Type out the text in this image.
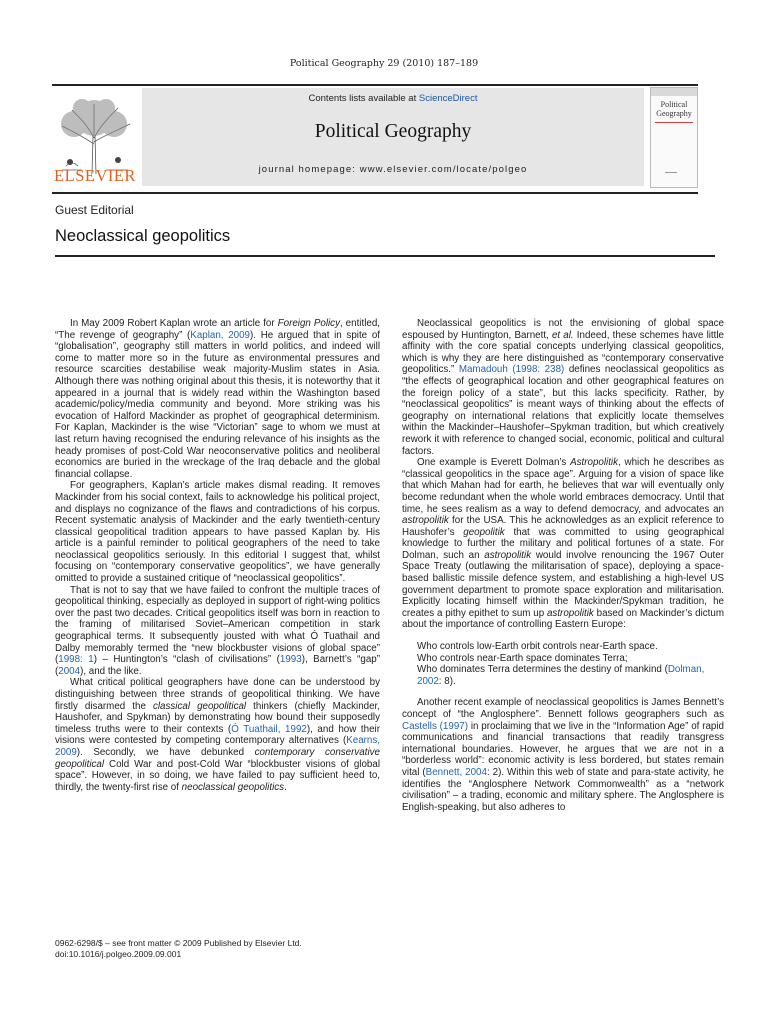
Political Geography 29 (2010) 187–189
ELSEVIER
Contents lists available at ScienceDirect
Political Geography
journal homepage: www.elsevier.com/locate/polgeo
Political
Geography
Guest Editorial
Neoclassical geopolitics

In May 2009 Robert Kaplan wrote an article for Foreign Policy, entitled, “The revenge of geography” (Kaplan, 2009). He argued that in spite of “globalisation”, geography still matters in world politics, and indeed will come to matter more so in the future as environmental pressures and resource scarcities destabilise weak majority-Muslim states in Asia. Although there was nothing original about this thesis, it is noteworthy that it appeared in a journal that is widely read within the Washington based academic/policy/media community and beyond. More striking was his evocation of Halford Mackinder as prophet of geographical determinism. For Kaplan, Mackinder is the wise “Victorian” sage to whom we must at last return having recognised the enduring relevance of his insights as the heady promises of post-Cold War neoconservative politics and neoliberal economics are buried in the wreckage of the Iraq debacle and the global financial collapse.

For geographers, Kaplan’s article makes dismal reading. It removes Mackinder from his social context, fails to acknowledge his political project, and displays no cognizance of the flaws and contradictions of his corpus. Recent systematic analysis of Mackinder and the early twentieth-century classical geopolitical tradition appears to have passed Kaplan by. His article is a painful reminder to political geographers of the need to take neoclassical geopolitics seriously. In this editorial I suggest that, whilst focusing on “contemporary conservative geopolitics”, we have generally omitted to provide a sustained critique of “neoclassical geopolitics”.

That is not to say that we have failed to confront the multiple traces of geopolitical thinking, especially as deployed in support of right-wing politics over the past two decades. Critical geopolitics itself was born in reaction to the framing of militarised Soviet–American competition in stark geographical terms. It subsequently jousted with what Ó Tuathail and Dalby memorably termed the “new blockbuster visions of global space” (1998: 1) – Huntington’s “clash of civilisations” (1993), Barnett’s “gap” (2004), and the like.

What critical political geographers have done can be understood by distinguishing between three strands of geopolitical thinking. We have firstly disarmed the classical geopolitical thinkers (chiefly Mackinder, Haushofer, and Spykman) by demonstrating how bound their supposedly timeless truths were to their contexts (Ó Tuathail, 1992), and how their visions were contested by competing contemporary alternatives (Kearns, 2009). Secondly, we have debunked contemporary conservative geopolitical Cold War and post-Cold War “blockbuster visions of global space”. However, in so doing, we have failed to pay sufficient heed to, thirdly, the twenty-first rise of neoclassical geopolitics.

Neoclassical geopolitics is not the envisioning of global space espoused by Huntington, Barnett, et al. Indeed, these schemes have little affinity with the core spatial concepts underlying classical geopolitics, which is why they are here distinguished as “contemporary conservative geopolitics.” Mamadouh (1998: 238) defines neoclassical geopolitics as “the effects of geographical location and other geographical features on the foreign policy of a state”, but this lacks specificity. Rather, by “neoclassical geopolitics” is meant ways of thinking about the effects of geography on international relations that explicitly locate themselves within the Mackinder–Haushofer–Spykman tradition, but which creatively rework it with reference to changed social, economic, political and cultural factors.

One example is Everett Dolman’s Astropolitik, which he describes as “classical geopolitics in the space age”. Arguing for a vision of space like that which Mahan had for earth, he believes that war will eventually only become redundant when the whole world embraces democracy. Until that time, he sees realism as a way to defend democracy, and advocates an astropolitik for the USA. This he acknowledges as an explicit reference to Haushofer’s geopolitik that was committed to using geographical knowledge to further the military and political fortunes of a state. For Dolman, such an astropolitik would involve renouncing the 1967 Outer Space Treaty (outlawing the militarisation of space), deploying a space-based ballistic missile defence system, and establishing a high-level US government department to promote space exploration and militarisation. Explicitly locating himself within the Mackinder/Spykman tradition, he creates a pithy epithet to sum up astropolitik based on Mackinder’s dictum about the importance of controlling Eastern Europe:

Who controls low-Earth orbit controls near-Earth space.
Who controls near-Earth space dominates Terra;
Who dominates Terra determines the destiny of mankind (Dolman, 2002: 8).

Another recent example of neoclassical geopolitics is James Bennett’s concept of “the Anglosphere”. Bennett follows geographers such as Castells (1997) in proclaiming that we live in the “Information Age” of rapid communications and financial transactions that readily transgress international boundaries. However, he argues that we are not in a “borderless world”: economic activity is less bordered, but states remain vital (Bennett, 2004: 2). Within this web of state and para-state activity, he identifies the “Anglosphere Network Commonwealth” as a “network civilisation” – a trading, economic and military sphere. The Anglosphere is English-speaking, but also adheres to

0962-6298/$ – see front matter © 2009 Published by Elsevier Ltd.
doi:10.1016/j.polgeo.2009.09.001
